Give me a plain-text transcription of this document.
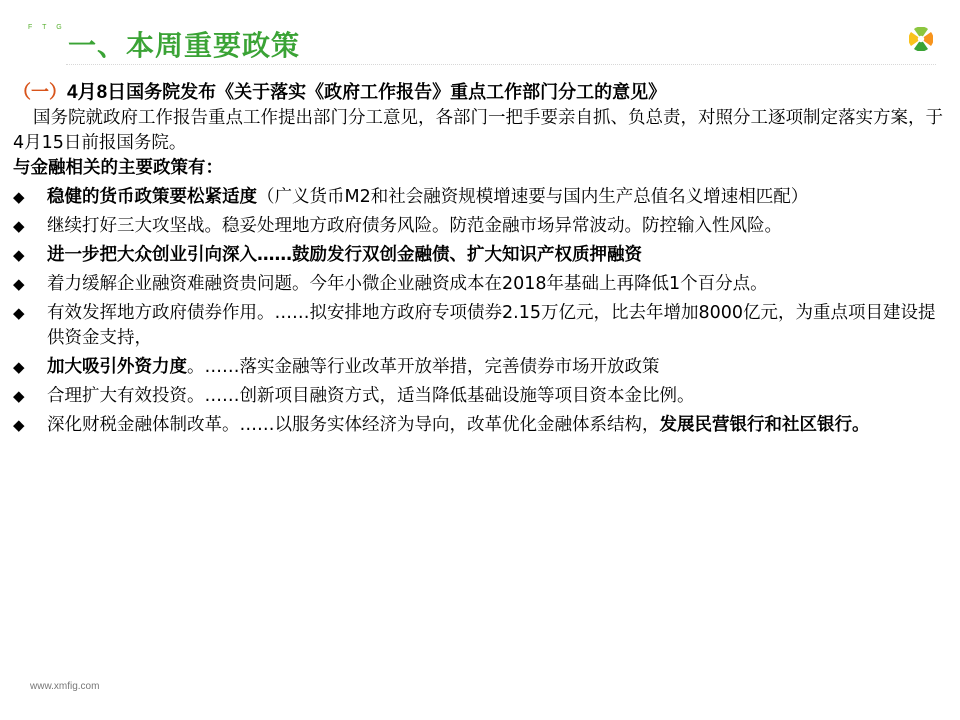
F T G
一、本周重要政策
（一）4月8日国务院发布《关于落实《政府工作报告》重点工作部门分工的意见》
国务院就政府工作报告重点工作提出部门分工意见，各部门一把手要亲自抓、负总责，对照分工逐项制定落实方案，于4月15日前报国务院。
与金融相关的主要政策有：
◆ 稳健的货币政策要松紧适度（广义货币M2和社会融资规模增速要与国内生产总值名义增速相匹配）
◆ 继续打好三大攻坚战。稳妥处理地方政府债务风险。防范金融市场异常波动。防控输入性风险。
◆ 进一步把大众创业引向深入……鼓励发行双创金融债、扩大知识产权质押融资
◆ 着力缓解企业融资难融资贵问题。今年小微企业融资成本在2018年基础上再降低1个百分点。
◆ 有效发挥地方政府债券作用。……拟安排地方政府专项债券2.15万亿元，比去年增加8000亿元，为重点项目建设提供资金支持，
◆ 加大吸引外资力度。……落实金融等行业改革开放举措，完善债券市场开放政策
◆ 合理扩大有效投资。……创新项目融资方式，适当降低基础设施等项目资本金比例。
◆ 深化财税金融体制改革。……以服务实体经济为导向，改革优化金融体系结构，发展民营银行和社区银行。
www.xmfig.com
